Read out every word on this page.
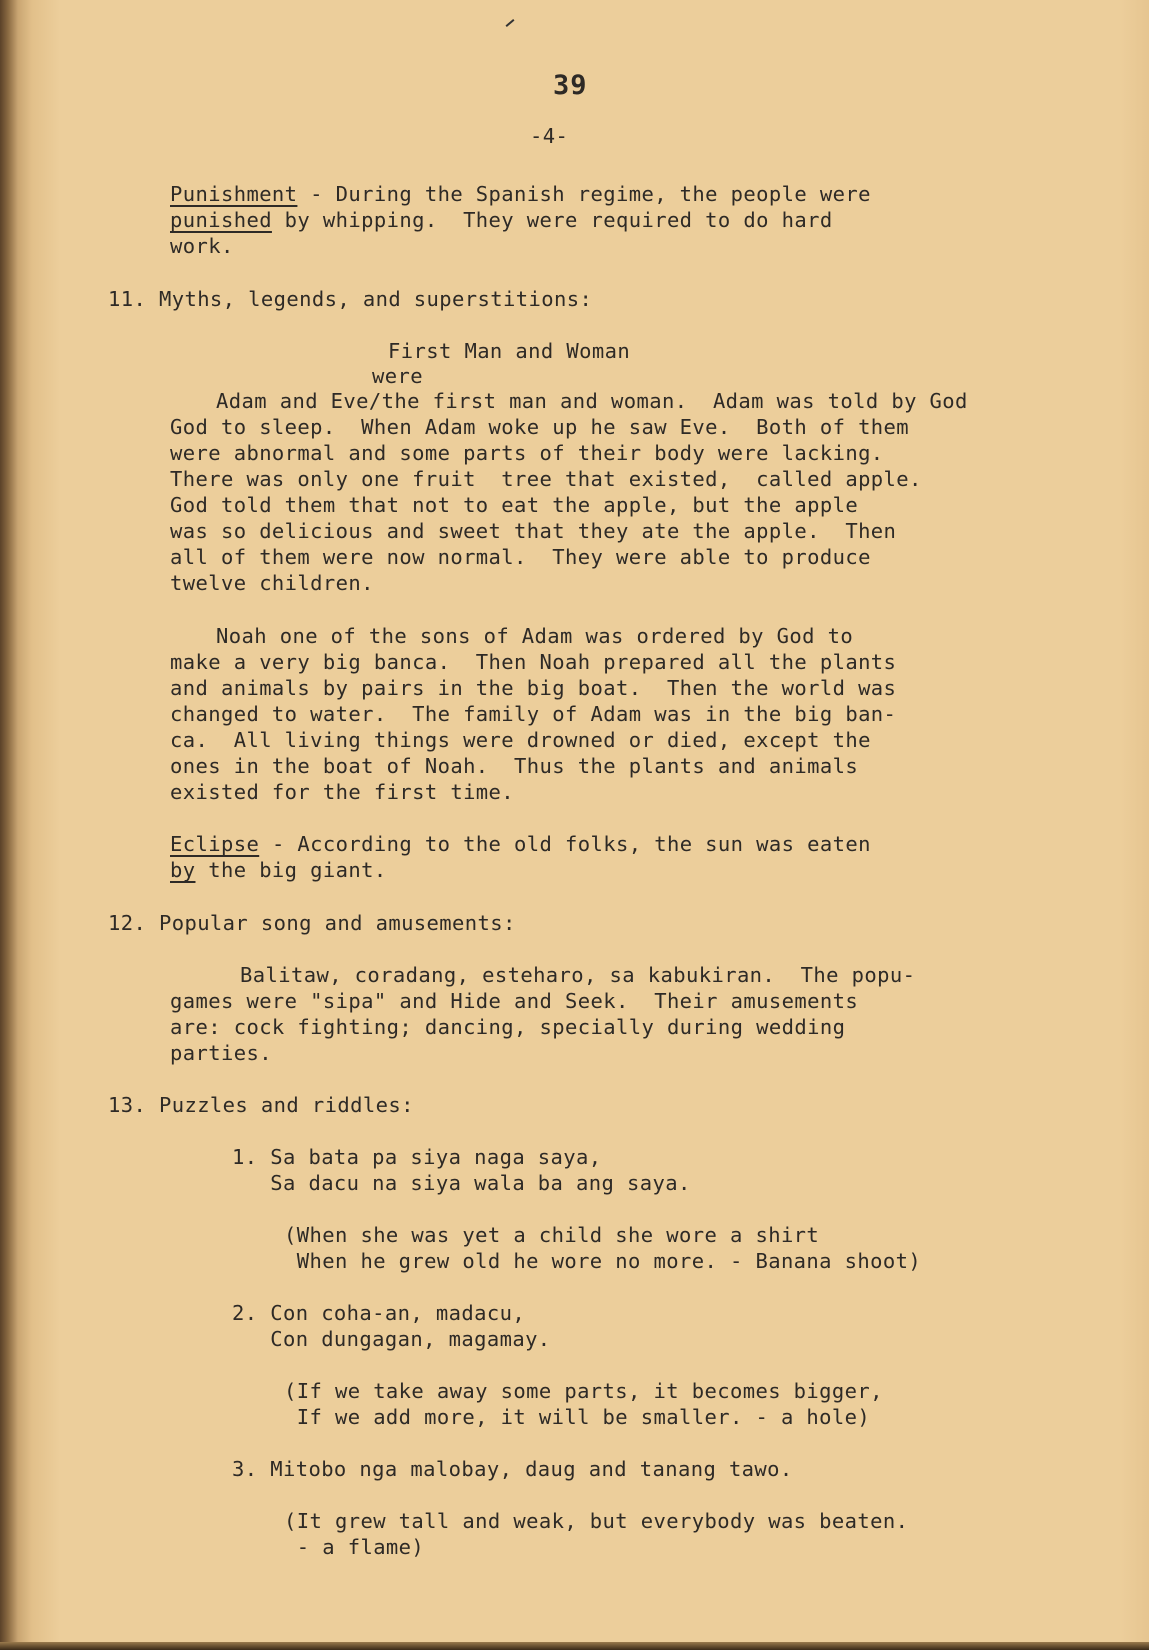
39
-4-
Punishment - During the Spanish regime, the people were
punished by whipping.  They were required to do hard
work.
11. Myths, legends, and superstitions:
First Man and Woman
were
Adam and Eve/the first man and woman.  Adam was told by God
God to sleep.  When Adam woke up he saw Eve.  Both of them
were abnormal and some parts of their body were lacking.
There was only one fruit  tree that existed,  called apple.
God told them that not to eat the apple, but the apple
was so delicious and sweet that they ate the apple.  Then
all of them were now normal.  They were able to produce
twelve children.
Noah one of the sons of Adam was ordered by God to
make a very big banca.  Then Noah prepared all the plants
and animals by pairs in the big boat.  Then the world was
changed to water.  The family of Adam was in the big ban-
ca.  All living things were drowned or died, except the
ones in the boat of Noah.  Thus the plants and animals
existed for the first time.
Eclipse - According to the old folks, the sun was eaten
by the big giant.
12. Popular song and amusements:
Balitaw, coradang, esteharo, sa kabukiran.  The popu-
games were "sipa" and Hide and Seek.  Their amusements
are: cock fighting; dancing, specially during wedding
parties.
13. Puzzles and riddles:
1. Sa bata pa siya naga saya,
Sa dacu na siya wala ba ang saya.
(When she was yet a child she wore a shirt
When he grew old he wore no more. - Banana shoot)
2. Con coha-an, madacu,
Con dungagan, magamay.
(If we take away some parts, it becomes bigger,
If we add more, it will be smaller. - a hole)
3. Mitobo nga malobay, daug and tanang tawo.
(It grew tall and weak, but everybody was beaten.
- a flame)
